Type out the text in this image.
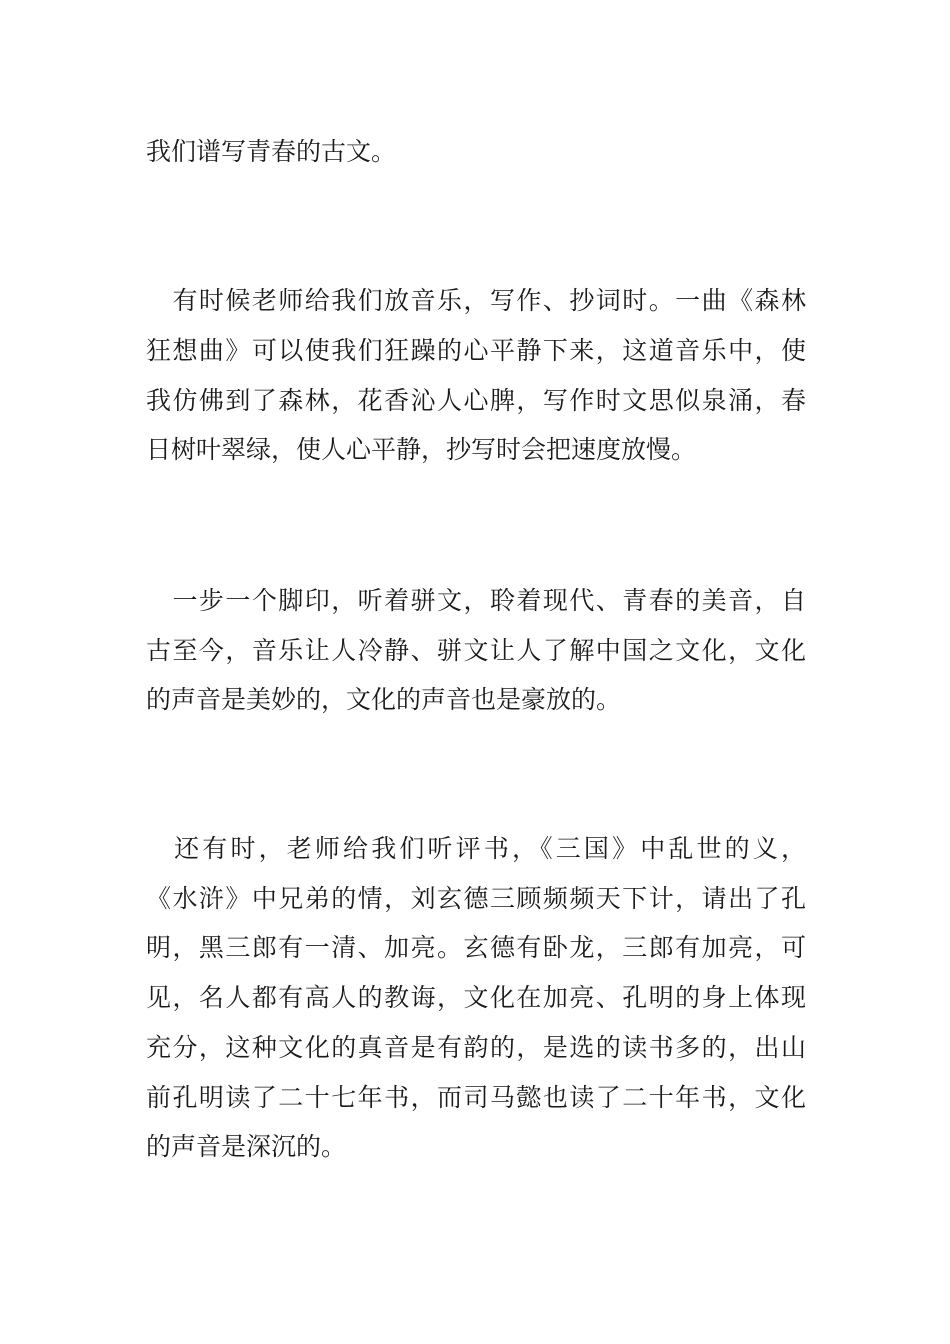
我们谱写青春的古文。

　有时候老师给我们放音乐，写作、抄词时。一曲《森林

狂想曲》可以使我们狂躁的心平静下来，这道音乐中，使

我仿佛到了森林，花香沁人心脾，写作时文思似泉涌，春

日树叶翠绿，使人心平静，抄写时会把速度放慢。

　一步一个脚印，听着骈文，聆着现代、青春的美音，自

古至今，音乐让人冷静、骈文让人了解中国之文化，文化

的声音是美妙的，文化的声音也是豪放的。

　还有时，老师给我们听评书，《三国》中乱世的义，

《水浒》中兄弟的情，刘玄德三顾频频天下计，请出了孔

明，黑三郎有一清、加亮。玄德有卧龙，三郎有加亮，可

见，名人都有高人的教诲，文化在加亮、孔明的身上体现

充分，这种文化的真音是有韵的，是选的读书多的，出山

前孔明读了二十七年书，而司马懿也读了二十年书，文化

的声音是深沉的。
